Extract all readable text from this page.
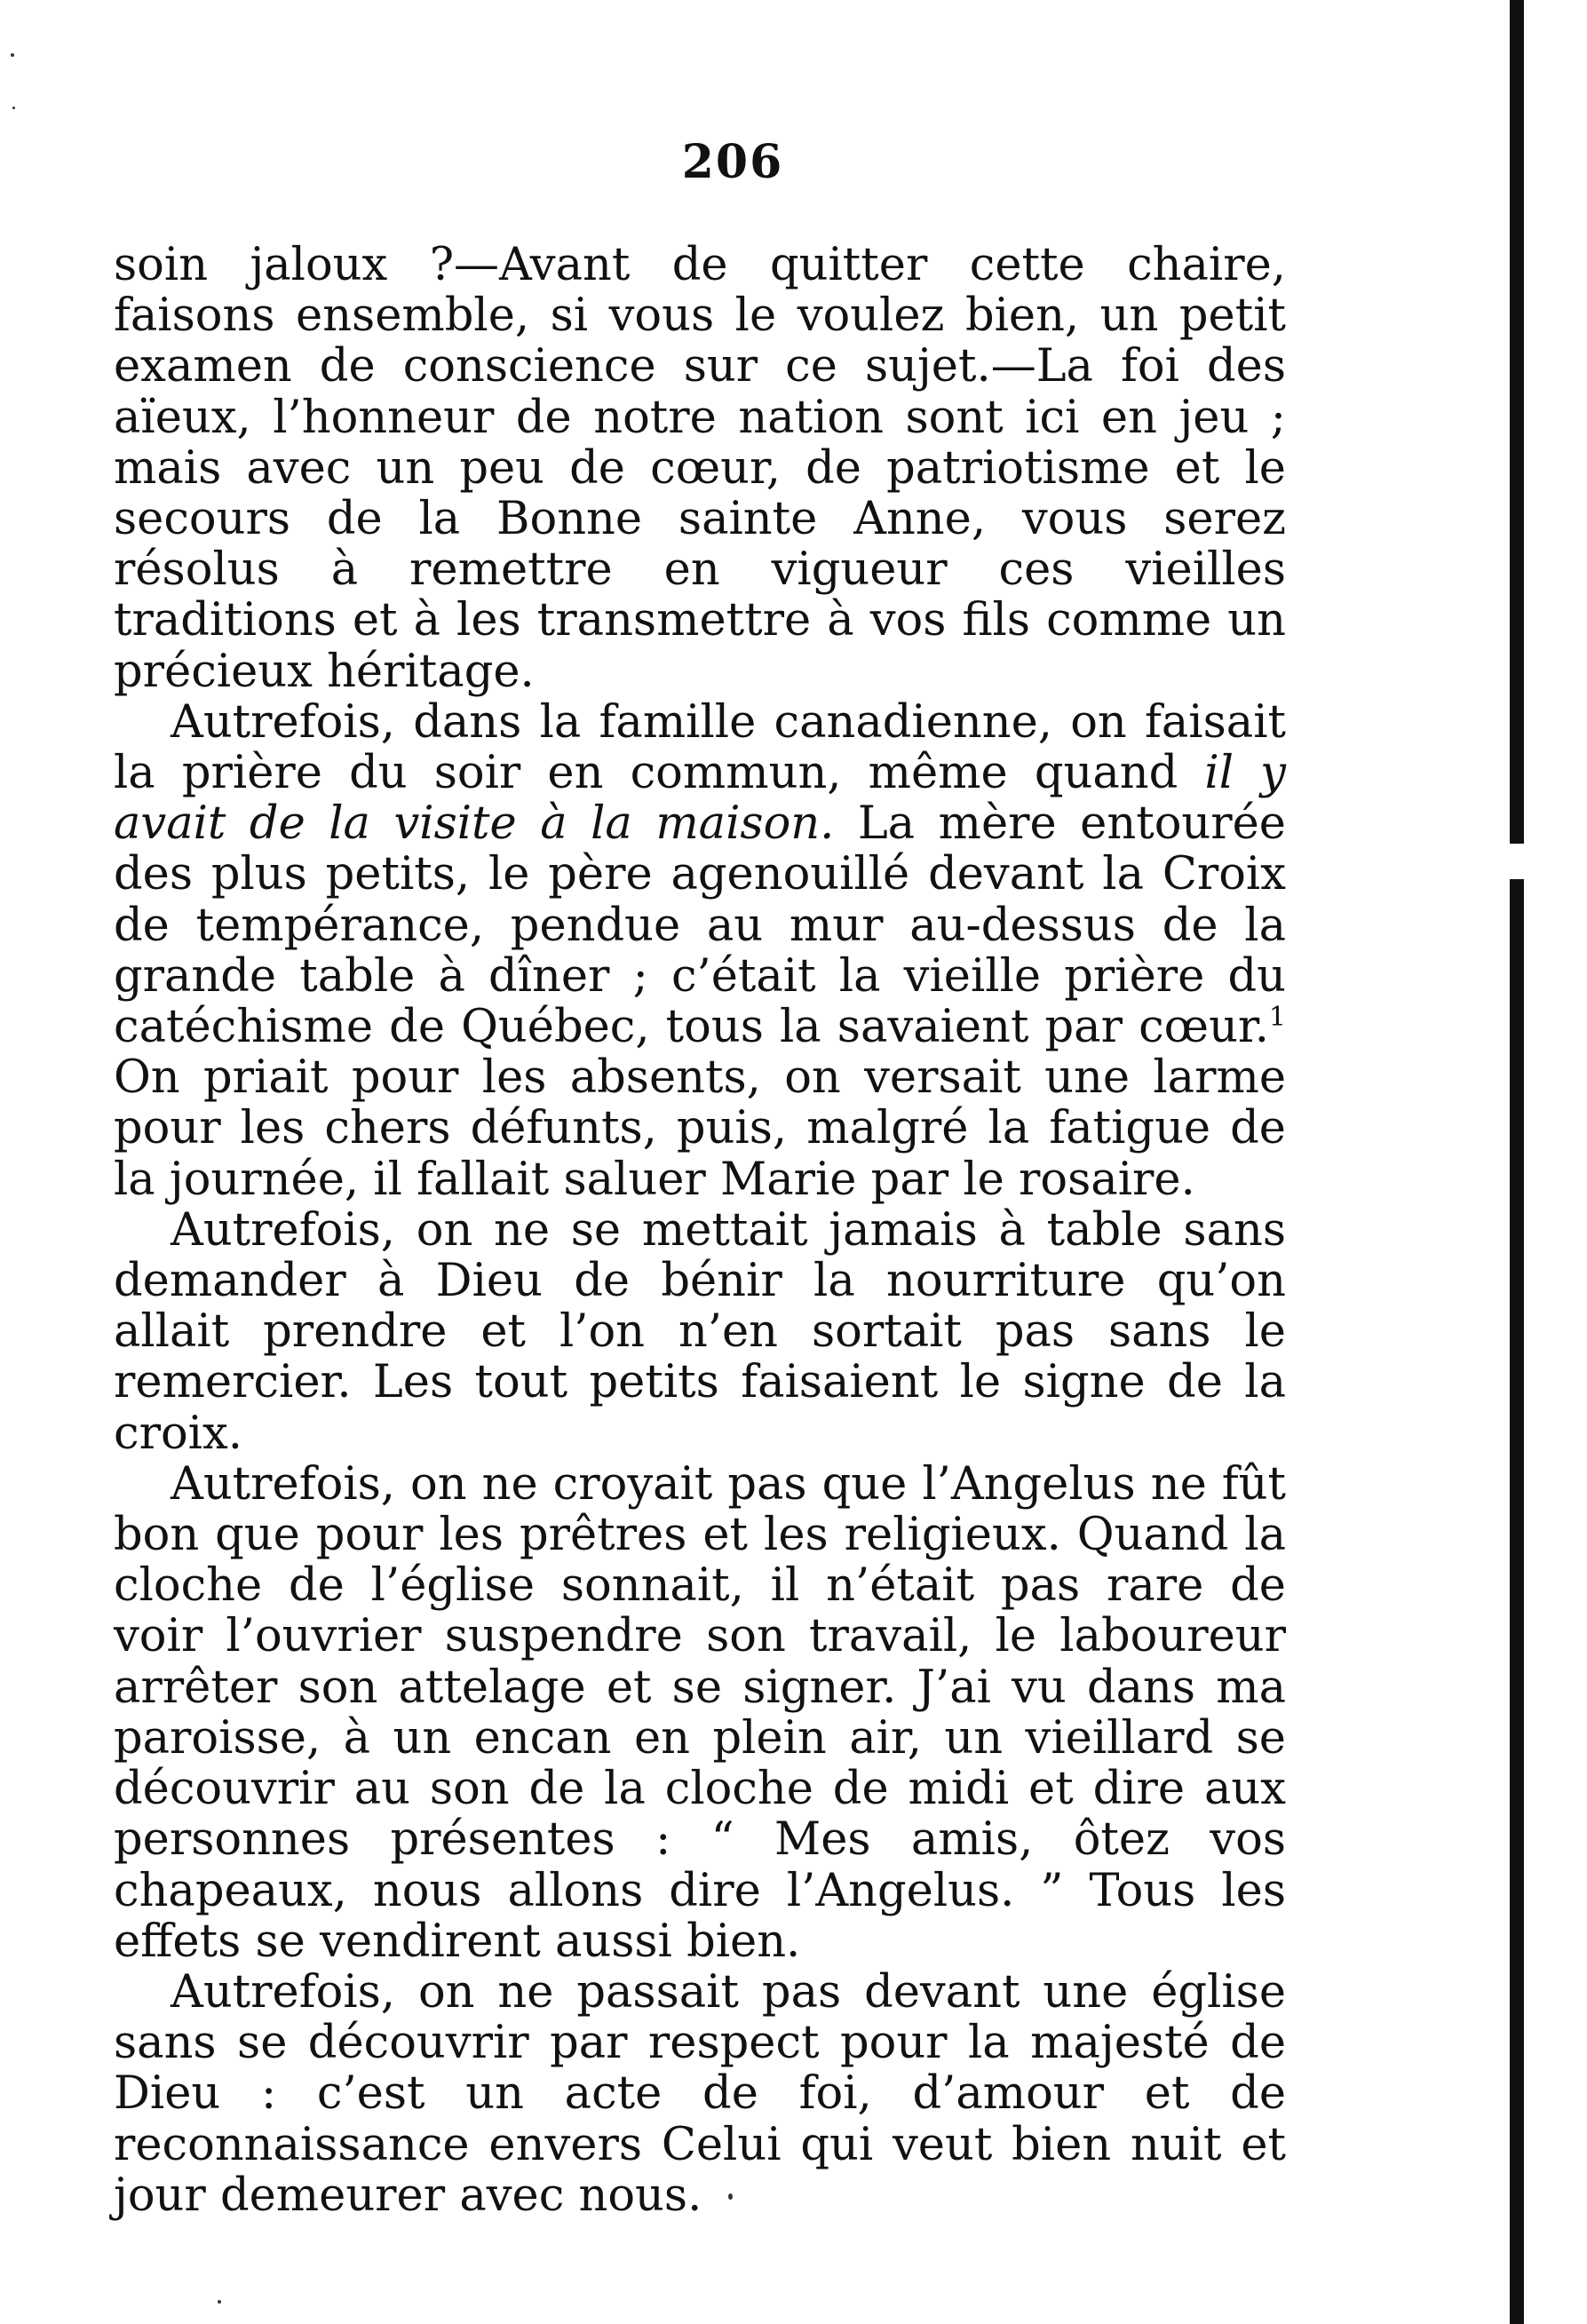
206

soin jaloux ?—Avant de quitter cette chaire, faisons ensemble, si vous le voulez bien, un petit examen de conscience sur ce sujet.—La foi des aïeux, l’honneur de notre nation sont ici en jeu ; mais avec un peu de cœur, de patriotisme et le secours de la Bonne sainte Anne, vous serez résolus à remettre en vigueur ces vieilles traditions et à les transmettre à vos fils comme un précieux héritage.

Autrefois, dans la famille canadienne, on faisait la prière du soir en commun, même quand il y avait de la visite à la maison. La mère entourée des plus petits, le père agenouillé devant la Croix de tempérance, pendue au mur au-dessus de la grande table à dîner ; c’était la vieille prière du catéchisme de Québec, tous la savaient par cœur.$^1$ On priait pour les absents, on versait une larme pour les chers défunts, puis, malgré la fatigue de la journée, il fallait saluer Marie par le rosaire.

Autrefois, on ne se mettait jamais à table sans demander à Dieu de bénir la nourriture qu’on allait prendre et l’on n’en sortait pas sans le remercier. Les tout petits faisaient le signe de la croix.

Autrefois, on ne croyait pas que l’Angelus ne fût bon que pour les prêtres et les religieux. Quand la cloche de l’église sonnait, il n’était pas rare de voir l’ouvrier suspendre son travail, le laboureur arrêter son attelage et se signer. J’ai vu dans ma paroisse, à un encan en plein air, un vieillard se découvrir au son de la cloche de midi et dire aux personnes présentes : “ Mes amis, ôtez vos chapeaux, nous allons dire l’Angelus. ” Tous les effets se vendirent aussi bien.

Autrefois, on ne passait pas devant une église sans se découvrir par respect pour la majesté de Dieu : c’est un acte de foi, d’amour et de reconnaissance envers Celui qui veut bien nuit et jour demeurer avec nous.
